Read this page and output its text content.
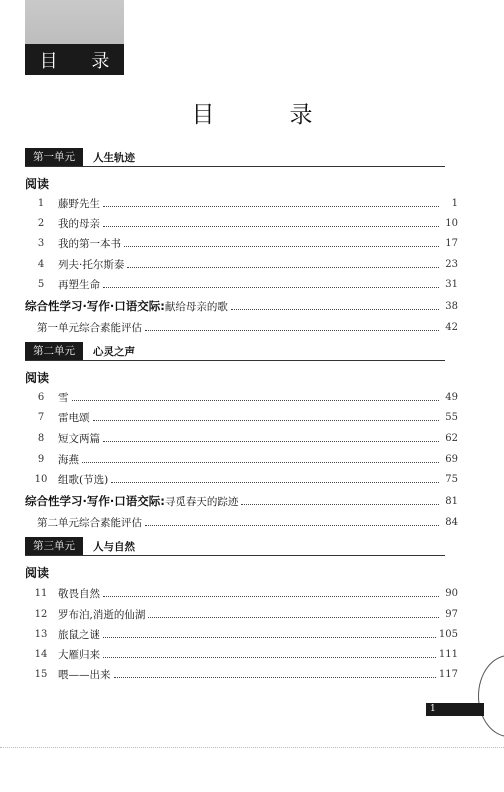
目 录
目　录
第一单元	人生轨迹
阅读
1	藤野先生	1
2	我的母亲	10
3	我的第一本书	17
4	列夫·托尔斯泰	23
5	再塑生命	31
综合性学习·写作·口语交际: 献给母亲的歌	38
第一单元综合素能评估	42
第二单元	心灵之声
阅读
6	雪	49
7	雷电颂	55
8	短文两篇	62
9	海燕	69
10	组歌(节选)	75
综合性学习·写作·口语交际: 寻觅春天的踪迹	81
第二单元综合素能评估	84
第三单元	人与自然
阅读
11	敬畏自然	90
12	罗布泊,消逝的仙湖	97
13	旅鼠之谜	105
14	大雁归来	111
15	喂——出来	117
1
